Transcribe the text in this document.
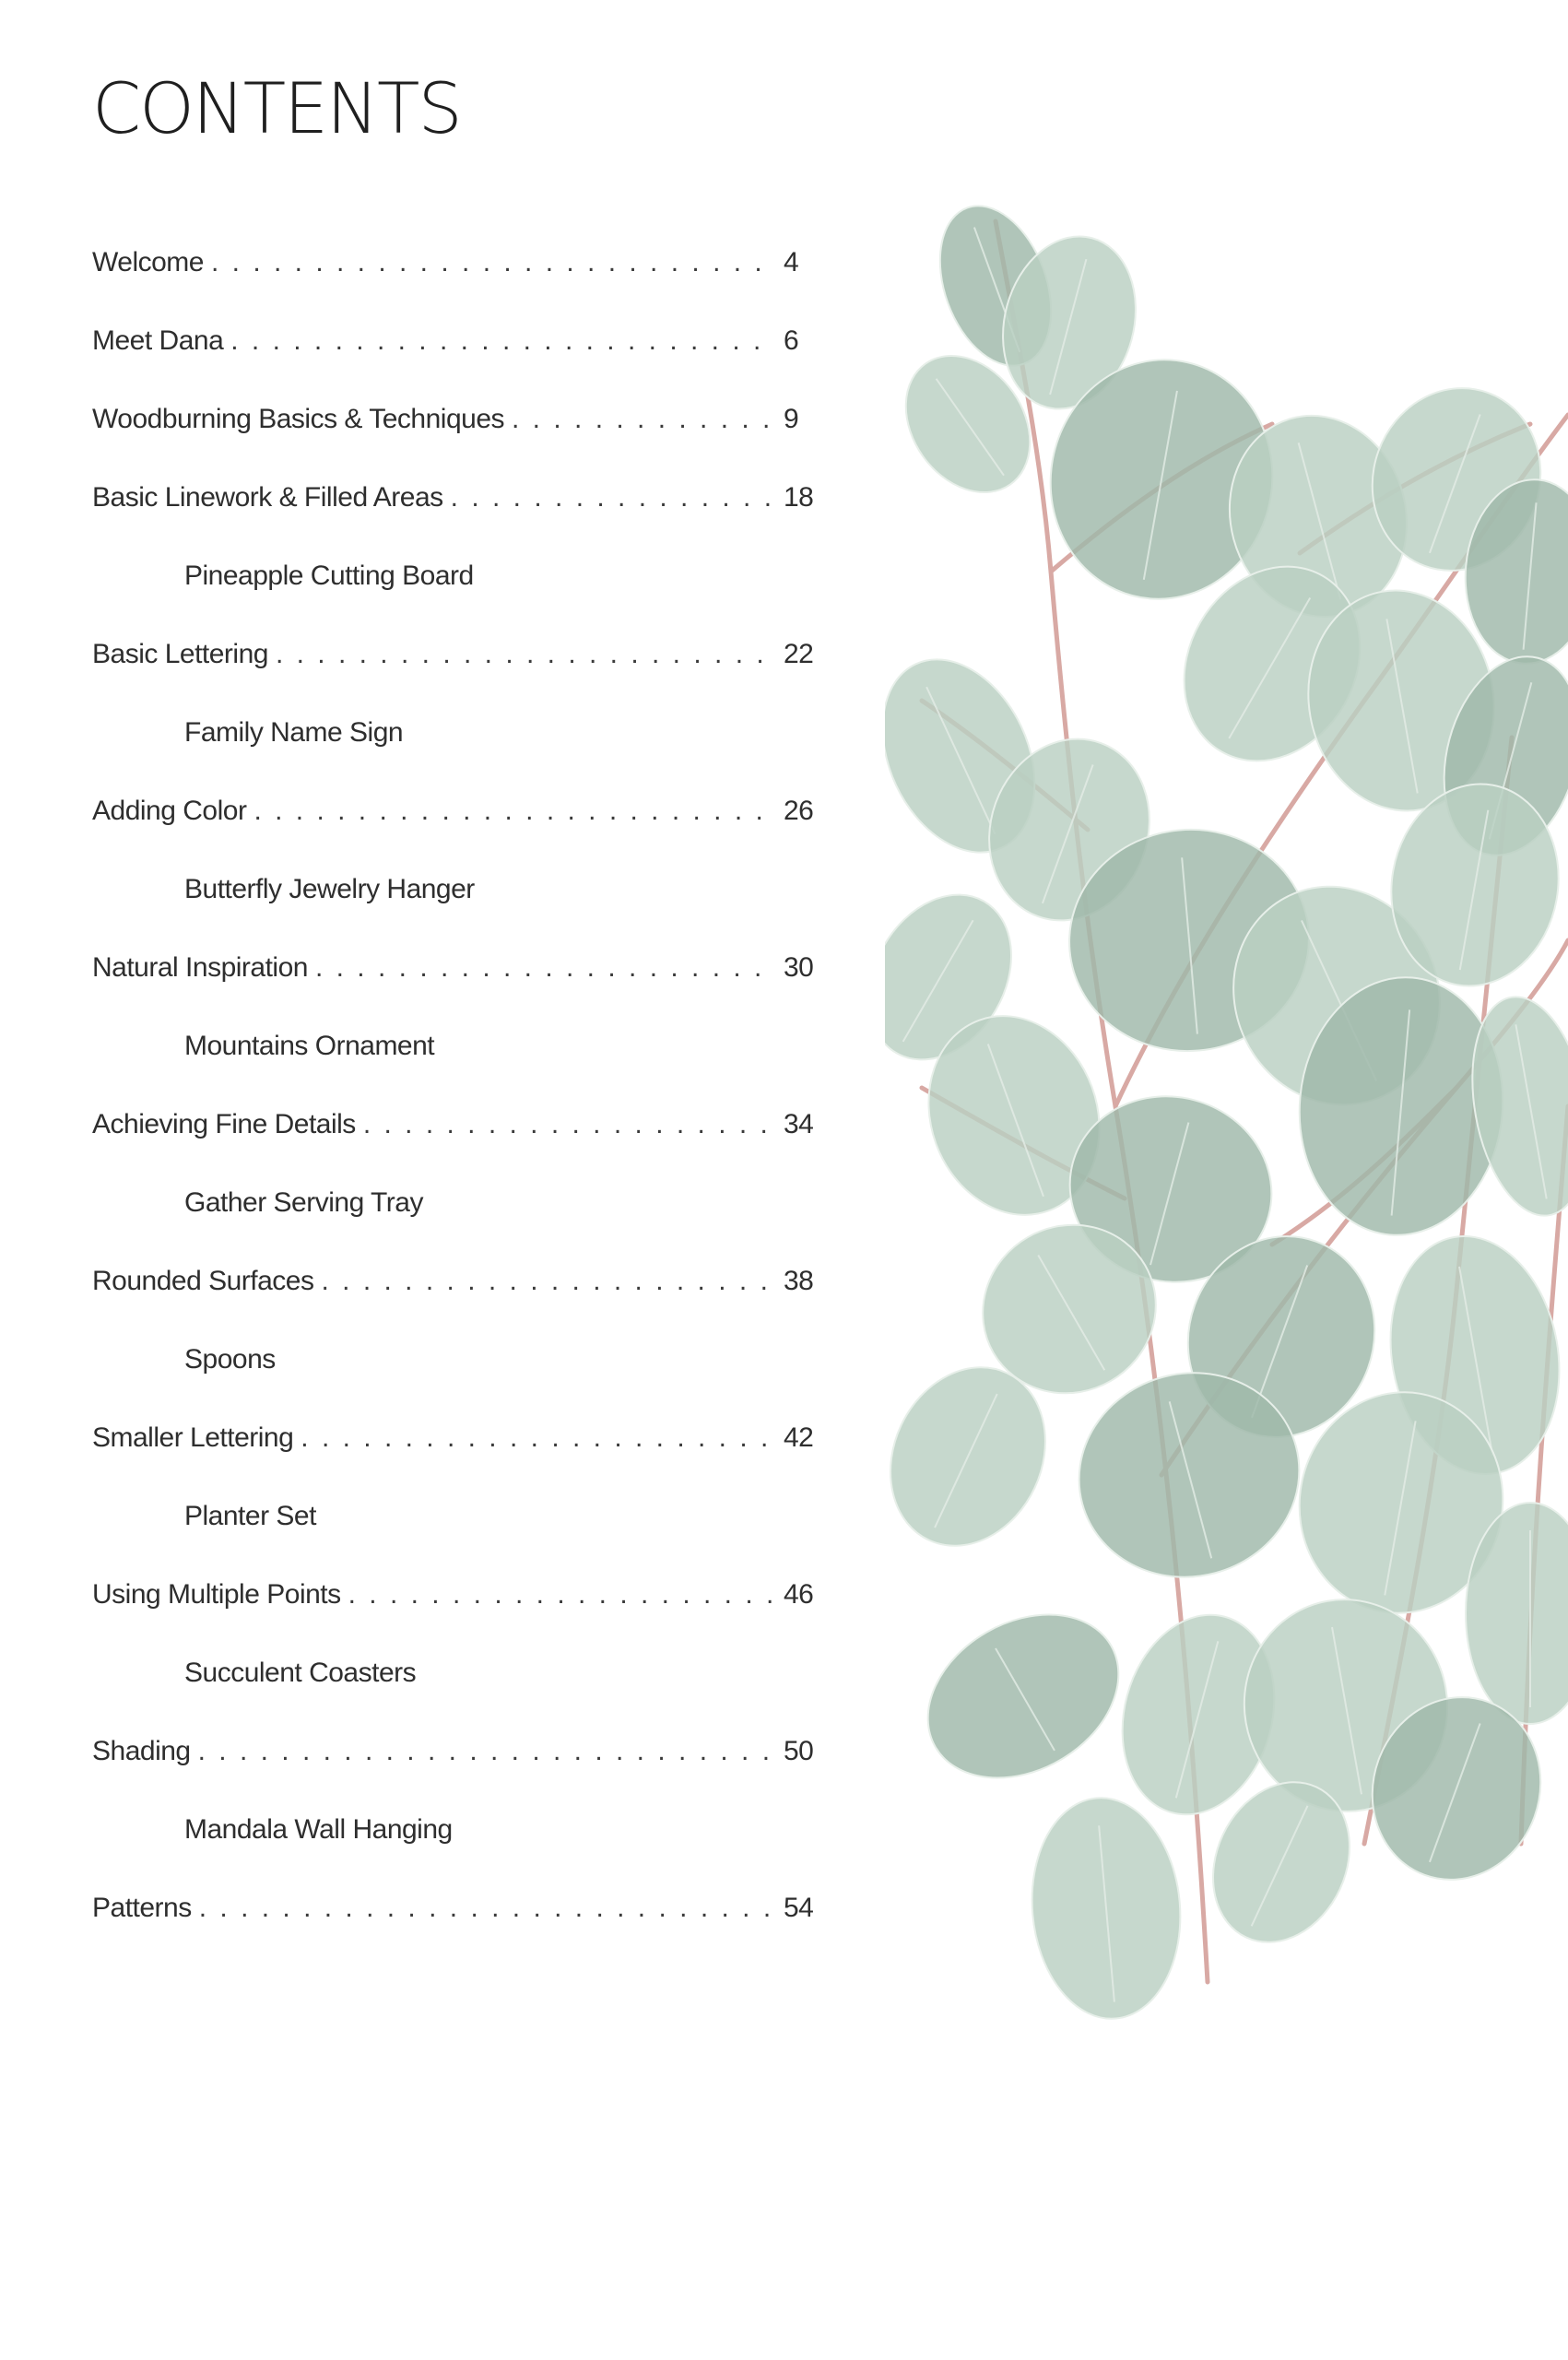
CONTENTS
Welcome . . .	4
Meet Dana . . .	6
Woodburning Basics & Techniques . . .	9
Basic Linework & Filled Areas . . .	18
Pineapple Cutting Board
Basic Lettering . . .	22
Family Name Sign
Adding Color . . .	26
Butterfly Jewelry Hanger
Natural Inspiration . . .	30
Mountains Ornament
Achieving Fine Details . . .	34
Gather Serving Tray
Rounded Surfaces . . .	38
Spoons
Smaller Lettering . . .	42
Planter Set
Using Multiple Points . . .	46
Succulent Coasters
Shading . . .	50
Mandala Wall Hanging
Patterns . . .	54
